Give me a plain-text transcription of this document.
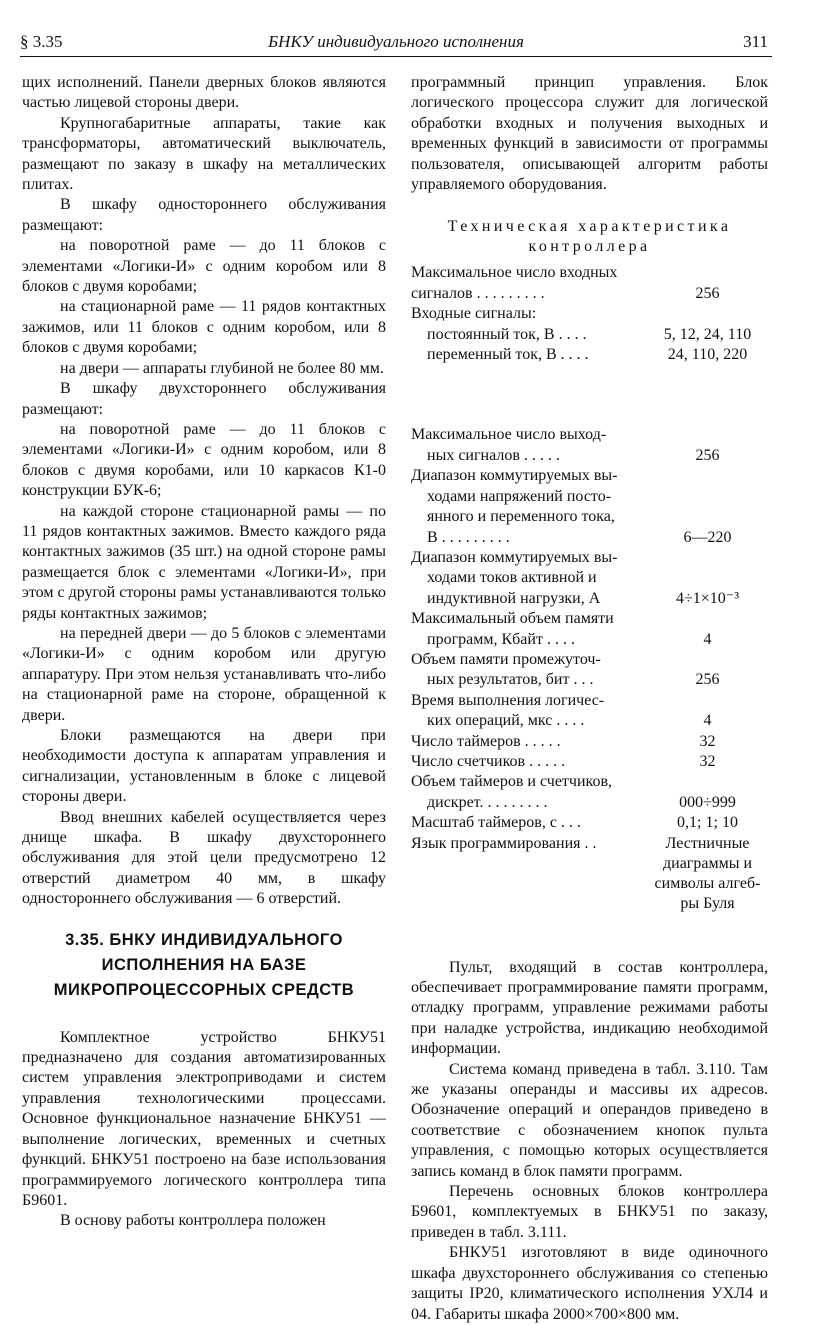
§ 3.35	БНКУ индивидуального исполнения	311

щих исполнений. Панели дверных блоков являются частью лицевой стороны двери.

Крупногабаритные аппараты, такие как трансформаторы, автоматический выключатель, размещают по заказу в шкафу на металлических плитах.

В шкафу одностороннего обслуживания размещают:

на поворотной раме — до 11 блоков с элементами «Логики-И» с одним коробом или 8 блоков с двумя коробами;

на стационарной раме — 11 рядов контактных зажимов, или 11 блоков с одним коробом, или 8 блоков с двумя коробами;

на двери — аппараты глубиной не более 80 мм.

В шкафу двухстороннего обслуживания размещают:

на поворотной раме — до 11 блоков с элементами «Логики-И» с одним коробом, или 8 блоков с двумя коробами, или 10 каркасов К1-0 конструкции БУК-6;

на каждой стороне стационарной рамы — по 11 рядов контактных зажимов. Вместо каждого ряда контактных зажимов (35 шт.) на одной стороне рамы размещается блок с элементами «Логики-И», при этом с другой стороны рамы устанавливаются только ряды контактных зажимов;

на передней двери — до 5 блоков с элементами «Логики-И» с одним коробом или другую аппаратуру. При этом нельзя устанавливать что-либо на стационарной раме на стороне, обращенной к двери.

Блоки размещаются на двери при необходимости доступа к аппаратам управления и сигнализации, установленным в блоке с лицевой стороны двери.

Ввод внешних кабелей осуществляется через днище шкафа. В шкафу двухстороннего обслуживания для этой цели предусмотрено 12 отверстий диаметром 40 мм, в шкафу одностороннего обслуживания — 6 отверстий.

3.35. БНКУ ИНДИВИДУАЛЬНОГО
ИСПОЛНЕНИЯ НА БАЗЕ
МИКРОПРОЦЕССОРНЫХ СРЕДСТВ

Комплектное устройство БНКУ51 предназначено для создания автоматизированных систем управления электроприводами и систем управления технологическими процессами. Основное функциональное назначение БНКУ51 — выполнение логических, временных и счетных функций. БНКУ51 построено на базе использования программируемого логического контроллера типа Б9601.

В основу работы контроллера положен

программный принцип управления. Блок логического процессора служит для логической обработки входных и получения выходных и временных функций в зависимости от программы пользователя, описывающей алгоритм работы управляемого оборудования.

Техническая характеристика
контроллера
Максимальное число входных
сигналов . . . . . . . . .	256
Входные сигналы:
постоянный ток, В . . . .	5, 12, 24, 110
переменный ток, В . . . .	24, 110, 220
Максимальное число выход-
ных сигналов . . . . .	256
Диапазон коммутируемых вы-
ходами напряжений посто-
янного и переменного тока,
В . . . . . . . . .	6—220
Диапазон коммутируемых вы-
ходами токов активной и
индуктивной нагрузки, А	4÷1×10⁻³
Максимальный объем памяти
программ, Кбайт . . . .	4
Объем памяти промежуточ-
ных результатов, бит . . .	256
Время выполнения логичес-
ких операций, мкс . . . .	4
Число таймеров . . . . .	32
Число счетчиков . . . . .	32
Объем таймеров и счетчиков,
дискрет. . . . . . . . .	000÷999
Масштаб таймеров, с . . .	0,1; 1; 10
Язык программирования . .	Лестничные
диаграммы и
символы алгеб-
ры Буля

Пульт, входящий в состав контроллера, обеспечивает программирование памяти программ, отладку программ, управление режимами работы при наладке устройства, индикацию необходимой информации.

Система команд приведена в табл. 3.110. Там же указаны операнды и массивы их адресов. Обозначение операций и операндов приведено в соответствие с обозначением кнопок пульта управления, с помощью которых осуществляется запись команд в блок памяти программ.

Перечень основных блоков контроллера Б9601, комплектуемых в БНКУ51 по заказу, приведен в табл. 3.111.

БНКУ51 изготовляют в виде одиночного шкафа двухстороннего обслуживания со степенью защиты IP20, климатического исполнения УХЛ4 и 04. Габариты шкафа 2000×700×800 мм.
